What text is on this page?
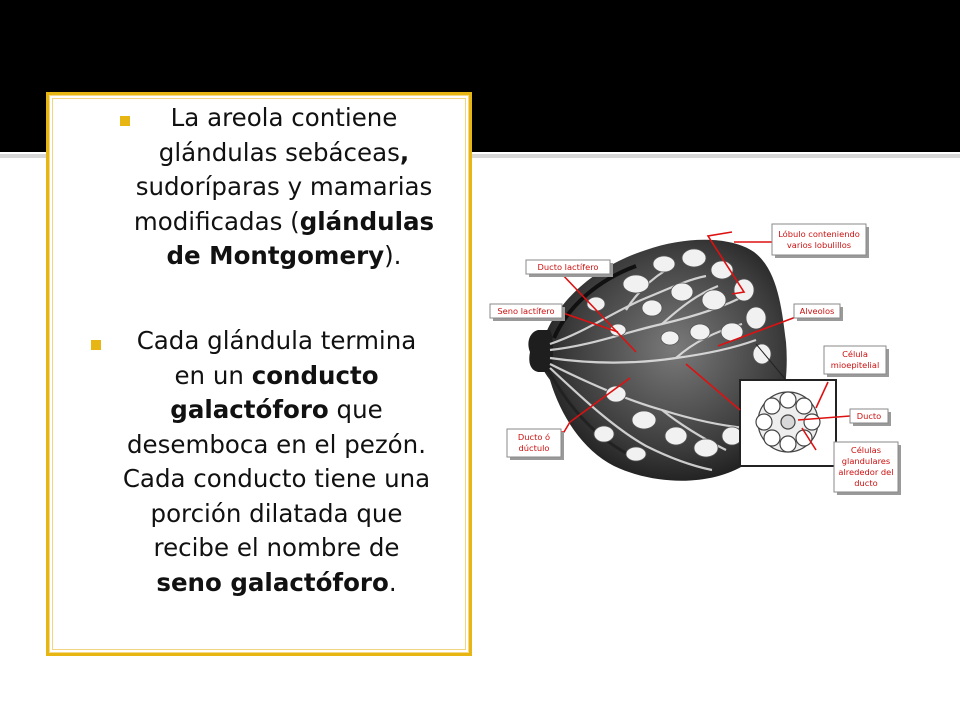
La areola contiene
glándulas sebáceas,
sudoríparas y mamarias
modificadas (glándulas
de Montgomery).
Cada glándula termina
en un conducto
galactóforo que
desemboca en el pezón.
Cada conducto tiene una
porción dilatada que
recibe el nombre de
seno galactóforo.
Lóbulo conteniendo
varios lobulillos
Ducto lactífero
Seno lactífero	Alveolos
Célula
mioepitelial
Ducto
Ducto ó
dúctulo	Células
glandulares
alrededor del
ducto
